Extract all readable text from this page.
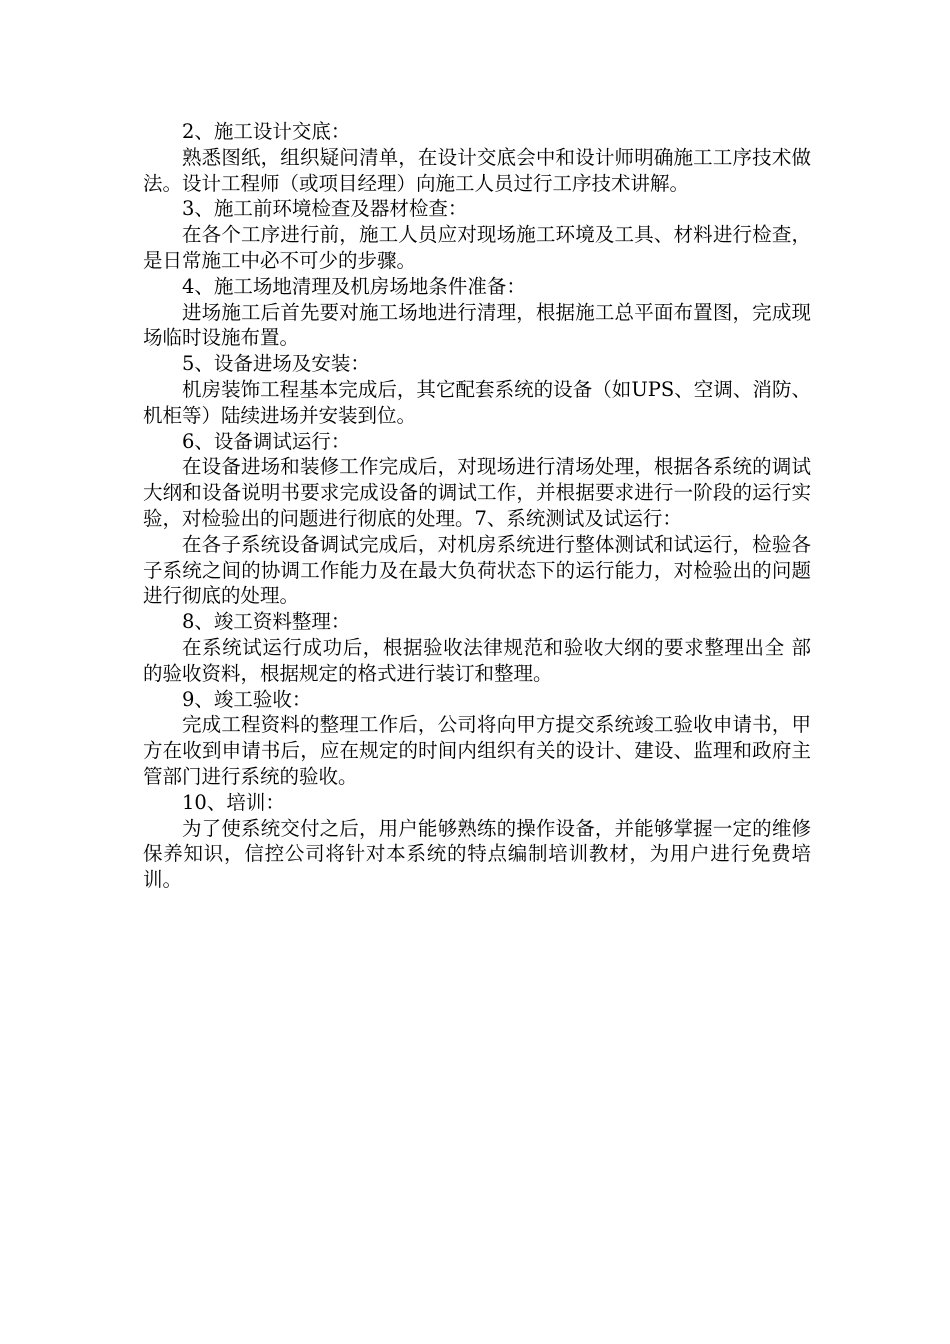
2、施工设计交底：

熟悉图纸，组织疑问清单，在设计交底会中和设计师明确施工工序技术做法。设计工程师（或项目经理）向施工人员过行工序技术讲解。

3、施工前环境检查及器材检查：

在各个工序进行前，施工人员应对现场施工环境及工具、材料进行检查，是日常施工中必不可少的步骤。

4、施工场地清理及机房场地条件准备：

进场施工后首先要对施工场地进行清理，根据施工总平面布置图，完成现场临时设施布置。

5、设备进场及安装：

机房装饰工程基本完成后，其它配套系统的设备（如UPS、空调、消防、机柜等）陆续进场并安装到位。

6、设备调试运行：

在设备进场和装修工作完成后，对现场进行清场处理，根据各系统的调试大纲和设备说明书要求完成设备的调试工作，并根据要求进行一阶段的运行实验，对检验出的问题进行彻底的处理。7、系统测试及试运行：

在各子系统设备调试完成后，对机房系统进行整体测试和试运行，检验各子系统之间的协调工作能力及在最大负荷状态下的运行能力，对检验出的问题进行彻底的处理。

8、竣工资料整理：

在系统试运行成功后，根据验收法律规范和验收大纲的要求整理出全 部的验收资料，根据规定的格式进行装订和整理。

9、竣工验收：

完成工程资料的整理工作后，公司将向甲方提交系统竣工验收申请书，甲方在收到申请书后，应在规定的时间内组织有关的设计、建设、监理和政府主管部门进行系统的验收。

10、培训：

为了使系统交付之后，用户能够熟练的操作设备，并能够掌握一定的维修保养知识，信控公司将针对本系统的特点编制培训教材，为用户进行免费培训。
